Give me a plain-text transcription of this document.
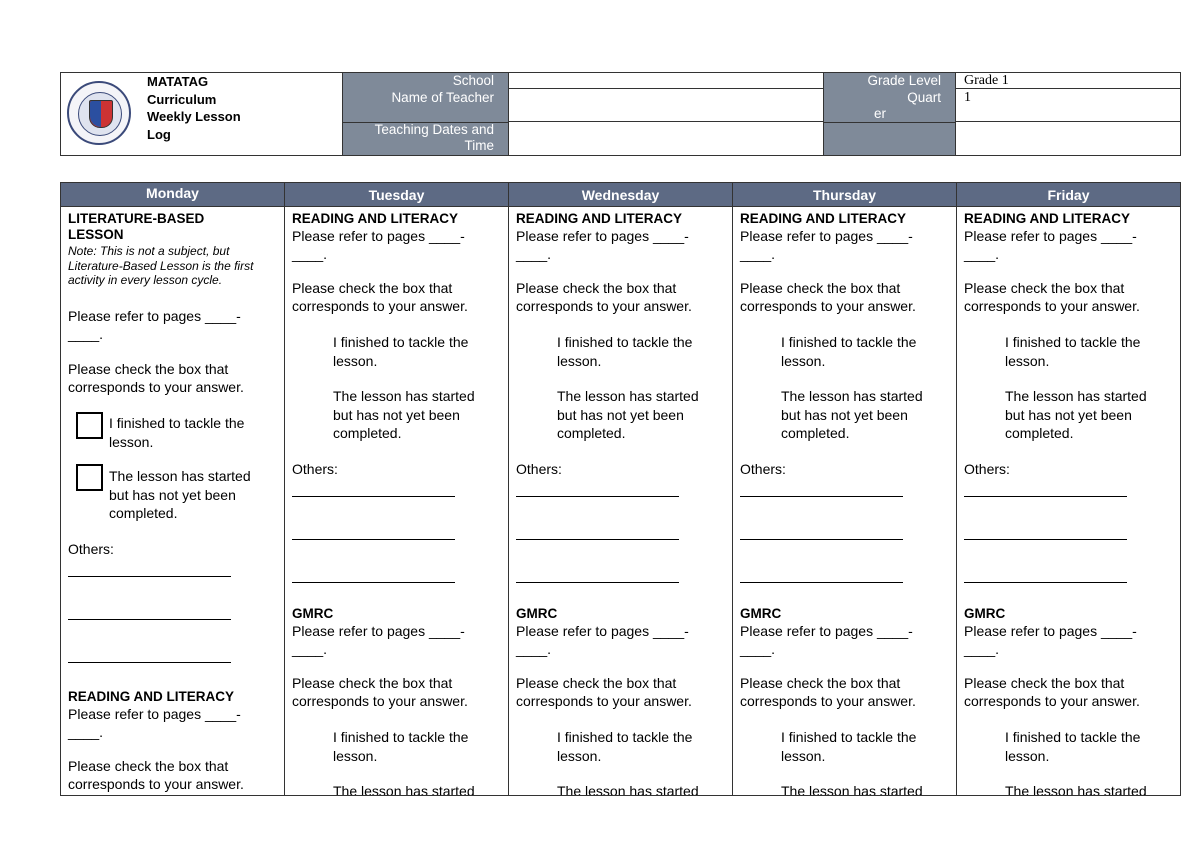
MATATAG
Curriculum
Weekly Lesson
Log
School
Name of Teacher
Teaching Dates and
Time
Grade Level
Quart
er
Grade 1
1
Monday
LITERATURE-BASED
LESSON
Note: This is not a subject, but Literature-Based Lesson is the first activity in every lesson cycle.
Please refer to pages ____-
____.
Please check the box that corresponds to your answer.
I finished to tackle the lesson.
The lesson has started but has not yet been completed.
Others:
READING AND LITERACY
Please refer to pages ____-
____.
Please check the box that corresponds to your answer.
Tuesday
READING AND LITERACY
Please refer to pages ____-
____.
Please check the box that corresponds to your answer.
I finished to tackle the lesson.
The lesson has started but has not yet been completed.
Others:
GMRC
Please refer to pages ____-
____.
Please check the box that corresponds to your answer.
I finished to tackle the lesson.
The lesson has started
Wednesday
READING AND LITERACY
Please refer to pages ____-
____.
Please check the box that corresponds to your answer.
I finished to tackle the lesson.
The lesson has started but has not yet been completed.
Others:
GMRC
Please refer to pages ____-
____.
Please check the box that corresponds to your answer.
I finished to tackle the lesson.
The lesson has started
Thursday
READING AND LITERACY
Please refer to pages ____-
____.
Please check the box that corresponds to your answer.
I finished to tackle the lesson.
The lesson has started but has not yet been completed.
Others:
GMRC
Please refer to pages ____-
____.
Please check the box that corresponds to your answer.
I finished to tackle the lesson.
The lesson has started
Friday
READING AND LITERACY
Please refer to pages ____-
____.
Please check the box that corresponds to your answer.
I finished to tackle the lesson.
The lesson has started but has not yet been completed.
Others:
GMRC
Please refer to pages ____-
____.
Please check the box that corresponds to your answer.
I finished to tackle the lesson.
The lesson has started
